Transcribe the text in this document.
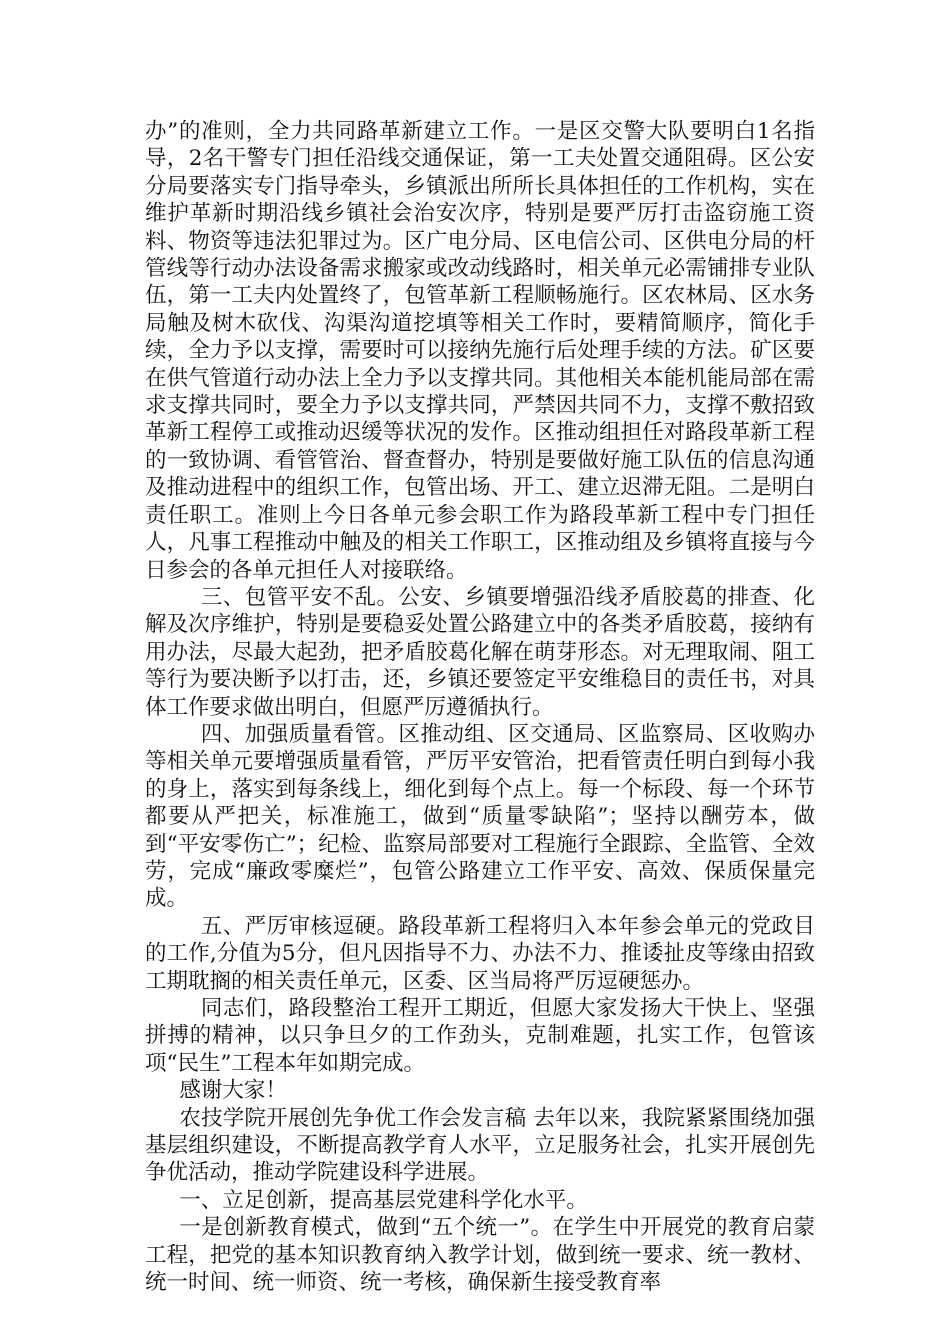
办”的准则，全力共同路革新建立工作。一是区交警大队要明白1名指导，2名干警专门担任沿线交通保证，第一工夫处置交通阻碍。区公安分局要落实专门指导牵头，乡镇派出所所长具体担任的工作机构，实在维护革新时期沿线乡镇社会治安次序，特别是要严厉打击盗窃施工资料、物资等违法犯罪过为。区广电分局、区电信公司、区供电分局的杆管线等行动办法设备需求搬家或改动线路时，相关单元必需铺排专业队伍，第一工夫内处置终了，包管革新工程顺畅施行。区农林局、区水务局触及树木砍伐、沟渠沟道挖填等相关工作时，要精简顺序，简化手续，全力予以支撑，需要时可以接纳先施行后处理手续的方法。矿区要在供气管道行动办法上全力予以支撑共同。其他相关本能机能局部在需求支撑共同时，要全力予以支撑共同，严禁因共同不力，支撑不敷招致革新工程停工或推动迟缓等状况的发作。区推动组担任对路段革新工程的一致协调、看管管治、督查督办，特别是要做好施工队伍的信息沟通及推动进程中的组织工作，包管出场、开工、建立迟滞无阻。二是明白责任职工。准则上今日各单元参会职工作为路段革新工程中专门担任人，凡事工程推动中触及的相关工作职工，区推动组及乡镇将直接与今日参会的各单元担任人对接联络。

三、包管平安不乱。公安、乡镇要增强沿线矛盾胶葛的排查、化解及次序维护，特别是要稳妥处置公路建立中的各类矛盾胶葛，接纳有用办法，尽最大起劲，把矛盾胶葛化解在萌芽形态。对无理取闹、阻工等行为要决断予以打击，还，乡镇还要签定平安维稳目的责任书，对具体工作要求做出明白，但愿严厉遵循执行。

四、加强质量看管。区推动组、区交通局、区监察局、区收购办等相关单元要增强质量看管，严厉平安管治，把看管责任明白到每小我的身上，落实到每条线上，细化到每个点上。每一个标段、每一个环节都要从严把关，标准施工，做到“质量零缺陷”；坚持以酬劳本，做到“平安零伤亡”；纪检、监察局部要对工程施行全跟踪、全监管、全效劳，完成“廉政零糜烂”，包管公路建立工作平安、高效、保质保量完成。

五、严厉审核逗硬。路段革新工程将归入本年参会单元的党政目的工作,分值为5分，但凡因指导不力、办法不力、推诿扯皮等缘由招致工期耽搁的相关责任单元，区委、区当局将严厉逗硬惩办。

同志们，路段整治工程开工期近，但愿大家发扬大干快上、坚强拼搏的精神，以只争旦夕的工作劲头，克制难题，扎实工作，包管该项“民生”工程本年如期完成。

感谢大家！

农技学院开展创先争优工作会发言稿 去年以来，我院紧紧围绕加强基层组织建设，不断提高教学育人水平，立足服务社会，扎实开展创先争优活动，推动学院建设科学进展。

一、立足创新，提高基层党建科学化水平。

一是创新教育模式，做到“五个统一”。在学生中开展党的教育启蒙工程，把党的基本知识教育纳入教学计划，做到统一要求、统一教材、统一时间、统一师资、统一考核，确保新生接受教育率
